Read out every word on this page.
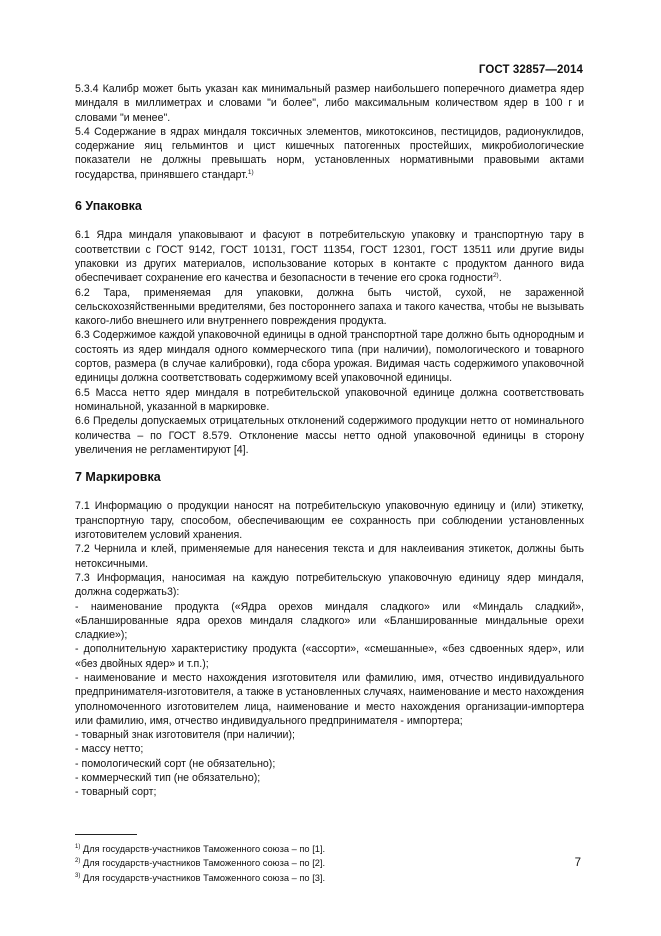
ГОСТ 32857—2014

5.3.4 Калибр может быть указан как минимальный размер наибольшего поперечного диаметра ядер миндаля в миллиметрах и словами "и более", либо максимальным количеством ядер в 100 г и словами "и менее".

5.4 Содержание в ядрах миндаля токсичных элементов, микотоксинов, пестицидов, радионуклидов, содержание яиц гельминтов и цист кишечных патогенных простейших, микробиологические показатели не должны превышать норм, установленных нормативными правовыми актами государства, принявшего стандарт.$^{1)}$

6 Упаковка

6.1 Ядра миндаля упаковывают и фасуют в потребительскую упаковку и транспортную тару в соответствии с ГОСТ 9142, ГОСТ 10131, ГОСТ 11354, ГОСТ 12301, ГОСТ 13511 или другие виды упаковки из других материалов, использование которых в контакте с продуктом данного вида обеспечивает сохранение его качества и безопасности в течение его срока годности$^{2)}$.

6.2 Тара, применяемая для упаковки, должна быть чистой, сухой, не зараженной сельскохозяйственными вредителями, без постороннего запаха и такого качества, чтобы не вызывать какого-либо внешнего или внутреннего повреждения продукта.

6.3 Содержимое каждой упаковочной единицы в одной транспортной таре должно быть однородным и состоять из ядер миндаля одного коммерческого типа (при наличии), помологического и товарного сортов, размера (в случае калибровки), года сбора урожая. Видимая часть содержимого упаковочной единицы должна соответствовать содержимому всей упаковочной единицы.

6.5 Масса нетто ядер миндаля в потребительской упаковочной единице должна соответствовать номинальной, указанной в маркировке.

6.6 Пределы допускаемых отрицательных отклонений содержимого продукции нетто от номинального количества – по ГОСТ 8.579. Отклонение массы нетто одной упаковочной единицы в сторону увеличения не регламентируют [4].

7 Маркировка

7.1 Информацию о продукции наносят на потребительскую упаковочную единицу и (или) этикетку, транспортную тару, способом, обеспечивающим ее сохранность при соблюдении установленных изготовителем условий хранения.

7.2 Чернила и клей, применяемые для нанесения текста и для наклеивания этикеток, должны быть нетоксичными.

7.3 Информация, наносимая на каждую потребительскую упаковочную единицу ядер миндаля, должна содержать3):

- наименование продукта («Ядра орехов миндаля сладкого» или «Миндаль сладкий», «Бланшированные ядра орехов миндаля сладкого» или «Бланшированные миндальные орехи сладкие»);

- дополнительную характеристику продукта («ассорти», «смешанные», «без сдвоенных ядер», или «без двойных ядер» и т.п.);

- наименование и место нахождения изготовителя или фамилию, имя, отчество индивидуального предпринимателя-изготовителя, а также в установленных случаях, наименование и место нахождения уполномоченного изготовителем лица, наименование и место нахождения организации-импортера или фамилию, имя, отчество индивидуального предпринимателя - импортера;

- товарный знак изготовителя (при наличии);

- массу нетто;

- помологический сорт (не обязательно);

- коммерческий тип (не обязательно);

- товарный сорт;

$^{1)}$ Для государств-участников Таможенного союза – по [1].

$^{2)}$ Для государств-участников Таможенного союза – по [2].

$^{3)}$ Для государств-участников Таможенного союза – по [3].

7
